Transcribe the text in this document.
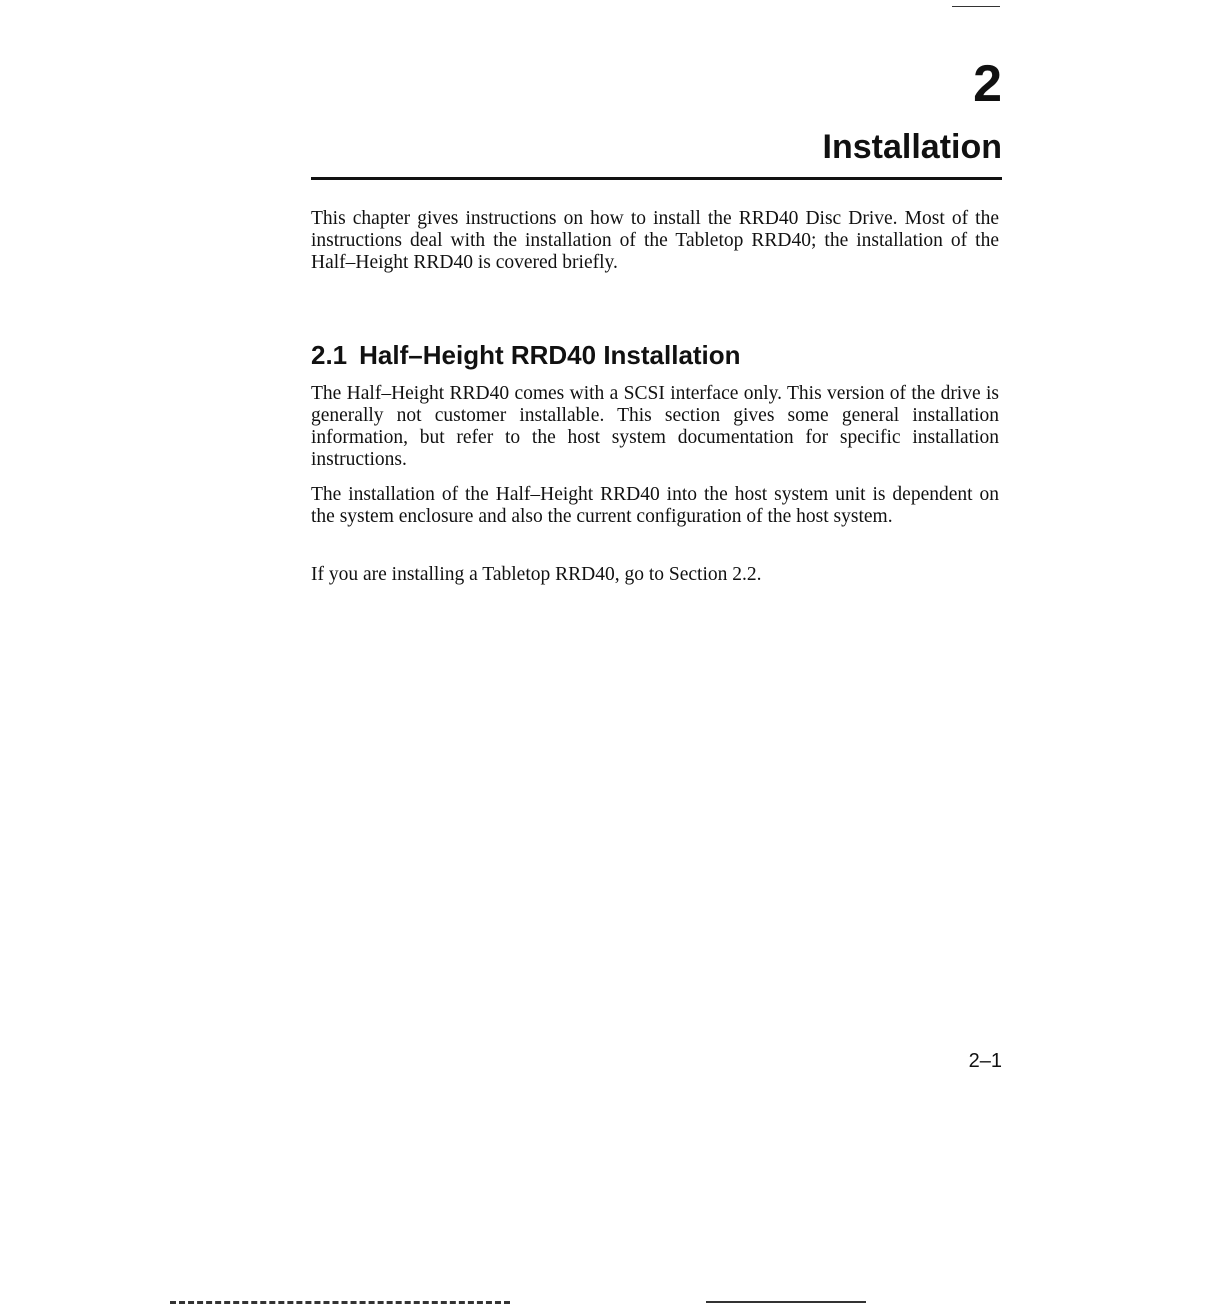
2
Installation

This chapter gives instructions on how to install the RRD40 Disc Drive. Most of the instructions deal with the installation of the Tabletop RRD40; the installation of the Half–Height RRD40 is covered briefly.

2.1 Half–Height RRD40 Installation

The Half–Height RRD40 comes with a SCSI interface only. This version of the drive is generally not customer installable. This section gives some general installation information, but refer to the host system documentation for specific installation instructions.

The installation of the Half–Height RRD40 into the host system unit is dependent on the system enclosure and also the current configuration of the host system.

If you are installing a Tabletop RRD40, go to Section 2.2.

2–1
